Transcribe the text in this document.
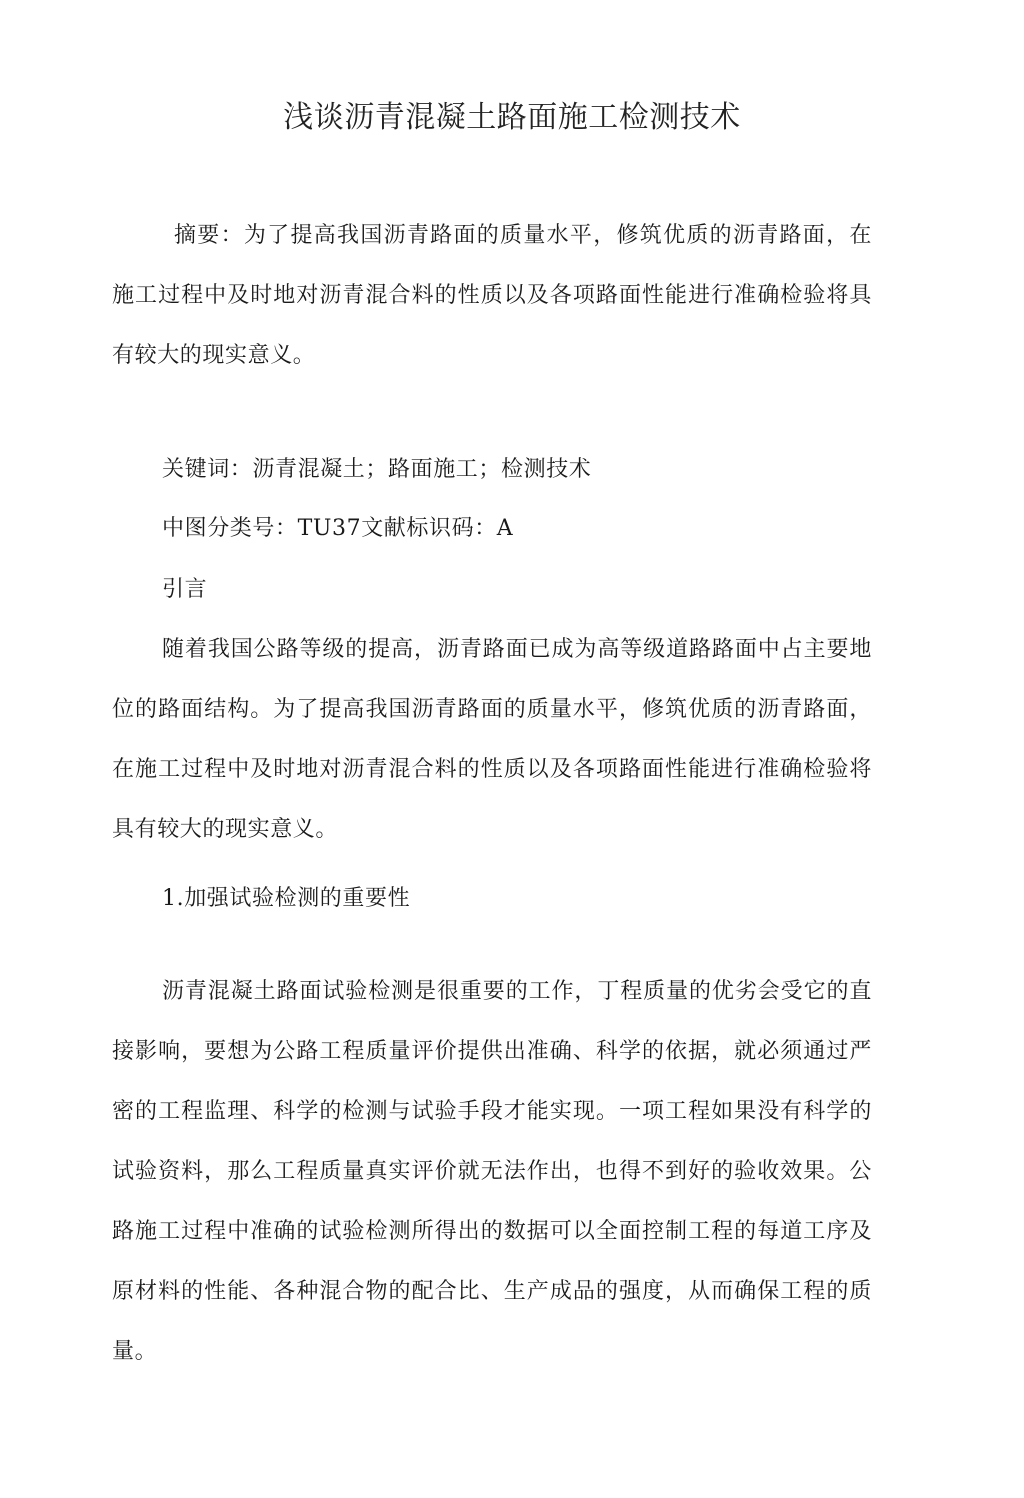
浅谈沥青混凝土路面施工检测技术

摘要：为了提高我国沥青路面的质量水平，修筑优质的沥青路面，在施工过程中及时地对沥青混合料的性质以及各项路面性能进行准确检验将具有较大的现实意义。

关键词：沥青混凝土；路面施工；检测技术
中图分类号：TU37文献标识码：A
引言

随着我国公路等级的提高，沥青路面已成为高等级道路路面中占主要地位的路面结构。为了提高我国沥青路面的质量水平，修筑优质的沥青路面，在施工过程中及时地对沥青混合料的性质以及各项路面性能进行准确检验将具有较大的现实意义。

1.加强试验检测的重要性

沥青混凝土路面试验检测是很重要的工作，丁程质量的优劣会受它的直接影响，要想为公路工程质量评价提供出准确、科学的依据，就必须通过严密的工程监理、科学的检测与试验手段才能实现。一项工程如果没有科学的试验资料，那么工程质量真实评价就无法作出，也得不到好的验收效果。公路施工过程中准确的试验检测所得出的数据可以全面控制工程的每道工序及原材料的性能、各种混合物的配合比、生产成品的强度，从而确保工程的质量。
